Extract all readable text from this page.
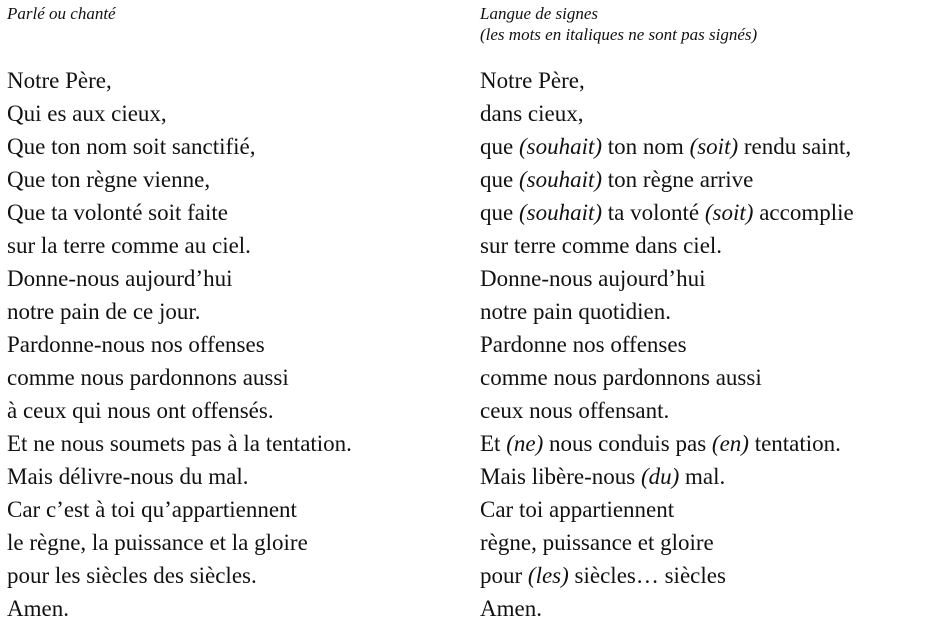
Parlé ou chanté
Notre Père,
Qui es aux cieux,
Que ton nom soit sanctifié,
Que ton règne vienne,
Que ta volonté soit faite
sur la terre comme au ciel.
Donne-nous aujourd’hui
notre pain de ce jour.
Pardonne-nous nos offenses
comme nous pardonnons aussi
à ceux qui nous ont offensés.
Et ne nous soumets pas à la tentation.
Mais délivre-nous du mal.
Car c’est à toi qu’appartiennent
le règne, la puissance et la gloire
pour les siècles des siècles.
Amen.
Langue de signes
(les mots en italiques ne sont pas signés)
Notre Père,
dans cieux,
que (souhait) ton nom (soit) rendu saint,
que (souhait) ton règne arrive
que (souhait) ta volonté (soit) accomplie
sur terre comme dans ciel.
Donne-nous aujourd’hui
notre pain quotidien.
Pardonne nos offenses
comme nous pardonnons aussi
ceux nous offensant.
Et (ne) nous conduis pas (en) tentation.
Mais libère-nous (du) mal.
Car toi appartiennent
règne, puissance et gloire
pour (les) siècles… siècles
Amen.
